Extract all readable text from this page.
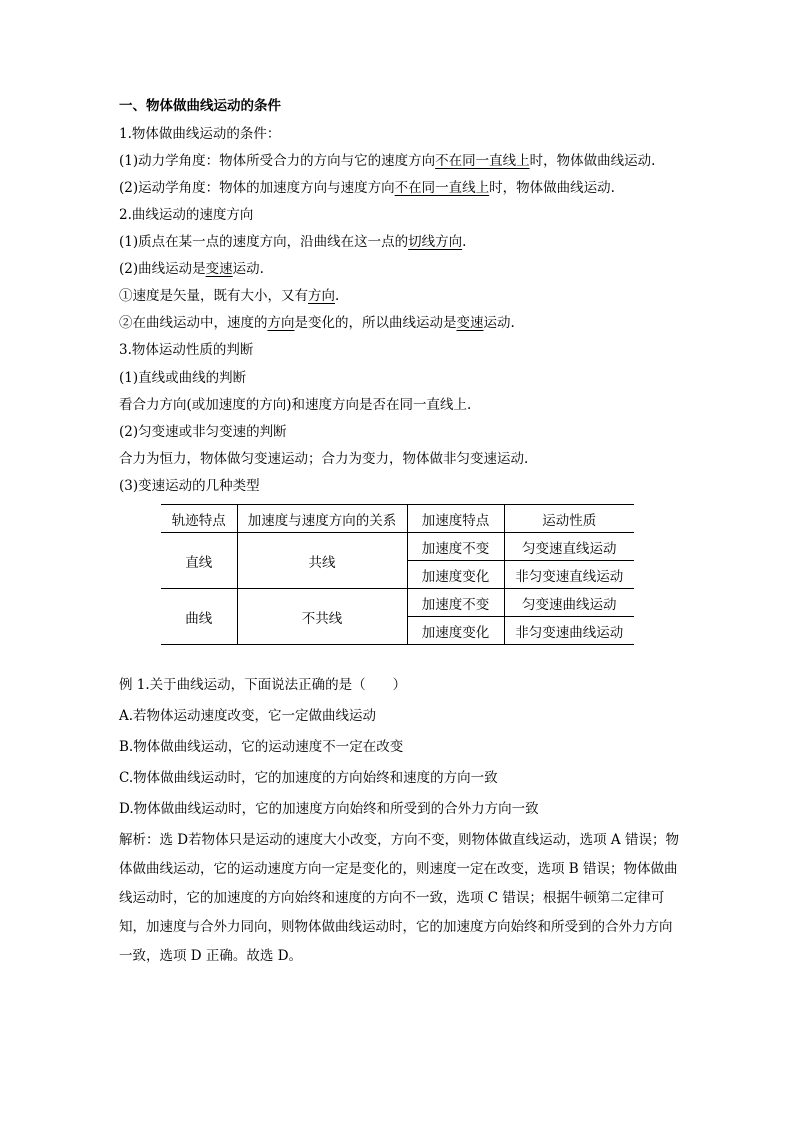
一、物体做曲线运动的条件
1.物体做曲线运动的条件：
(1)动力学角度：物体所受合力的方向与它的速度方向不在同一直线上时，物体做曲线运动.
(2)运动学角度：物体的加速度方向与速度方向不在同一直线上时，物体做曲线运动.
2.曲线运动的速度方向
(1)质点在某一点的速度方向，沿曲线在这一点的切线方向.
(2)曲线运动是变速运动.
①速度是矢量，既有大小，又有方向.
②在曲线运动中，速度的方向是变化的，所以曲线运动是变速运动.
3.物体运动性质的判断
(1)直线或曲线的判断
看合力方向(或加速度的方向)和速度方向是否在同一直线上.
(2)匀变速或非匀变速的判断
合力为恒力，物体做匀变速运动；合力为变力，物体做非匀变速运动.
(3)变速运动的几种类型
轨迹特点	加速度与速度方向的关系	加速度特点	运动性质
直线	共线	加速度不变	匀变速直线运动
		加速度变化	非匀变速直线运动
曲线	不共线	加速度不变	匀变速曲线运动
		加速度变化	非匀变速曲线运动
例 1.关于曲线运动，下面说法正确的是（　　）
A.若物体运动速度改变，它一定做曲线运动
B.物体做曲线运动，它的运动速度不一定在改变
C.物体做曲线运动时，它的加速度的方向始终和速度的方向一致
D.物体做曲线运动时，它的加速度方向始终和所受到的合外力方向一致
解析：选 D若物体只是运动的速度大小改变，方向不变，则物体做直线运动，选项 A 错误；物体做曲线运动，它的运动速度方向一定是变化的，则速度一定在改变，选项 B 错误；物体做曲线运动时，它的加速度的方向始终和速度的方向不一致，选项 C 错误；根据牛顿第二定律可知，加速度与合外力同向，则物体做曲线运动时，它的加速度方向始终和所受到的合外力方向一致，选项 D 正确。故选 D。
